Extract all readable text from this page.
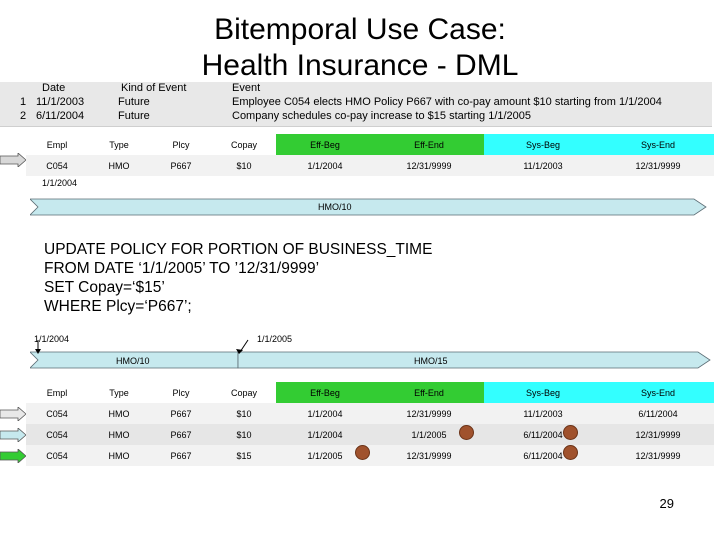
Bitemporal Use Case:
Health Insurance - DML
Date	Kind of Event	Event
1 11/1/2003	Future	Employee C054 elects HMO Policy P667 with co-pay amount $10 starting from 1/1/2004
2 6/11/2004	Future	Company schedules co-pay increase to $15 starting 1/1/2005
Empl	Type	Plcy	Copay	Eff-Beg	Eff-End	Sys-Beg	Sys-End
C054	HMO	P667	$10	1/1/2004	12/31/9999	11/1/2003	12/31/9999
1/1/2004
HMO/10
UPDATE POLICY FOR PORTION OF BUSINESS_TIME
FROM DATE ‘1/1/2005’ TO ’12/31/9999’
SET Copay=‘$15’
WHERE Plcy=‘P667’;
1/1/2004	1/1/2005
HMO/10	HMO/15
Empl	Type	Plcy	Copay	Eff-Beg	Eff-End	Sys-Beg	Sys-End
C054	HMO	P667	$10	1/1/2004	12/31/9999	11/1/2003	6/11/2004
C054	HMO	P667	$10	1/1/2004	1/1/2005	6/11/2004	12/31/9999
C054	HMO	P667	$15	1/1/2005	12/31/9999	6/11/2004	12/31/9999
29
